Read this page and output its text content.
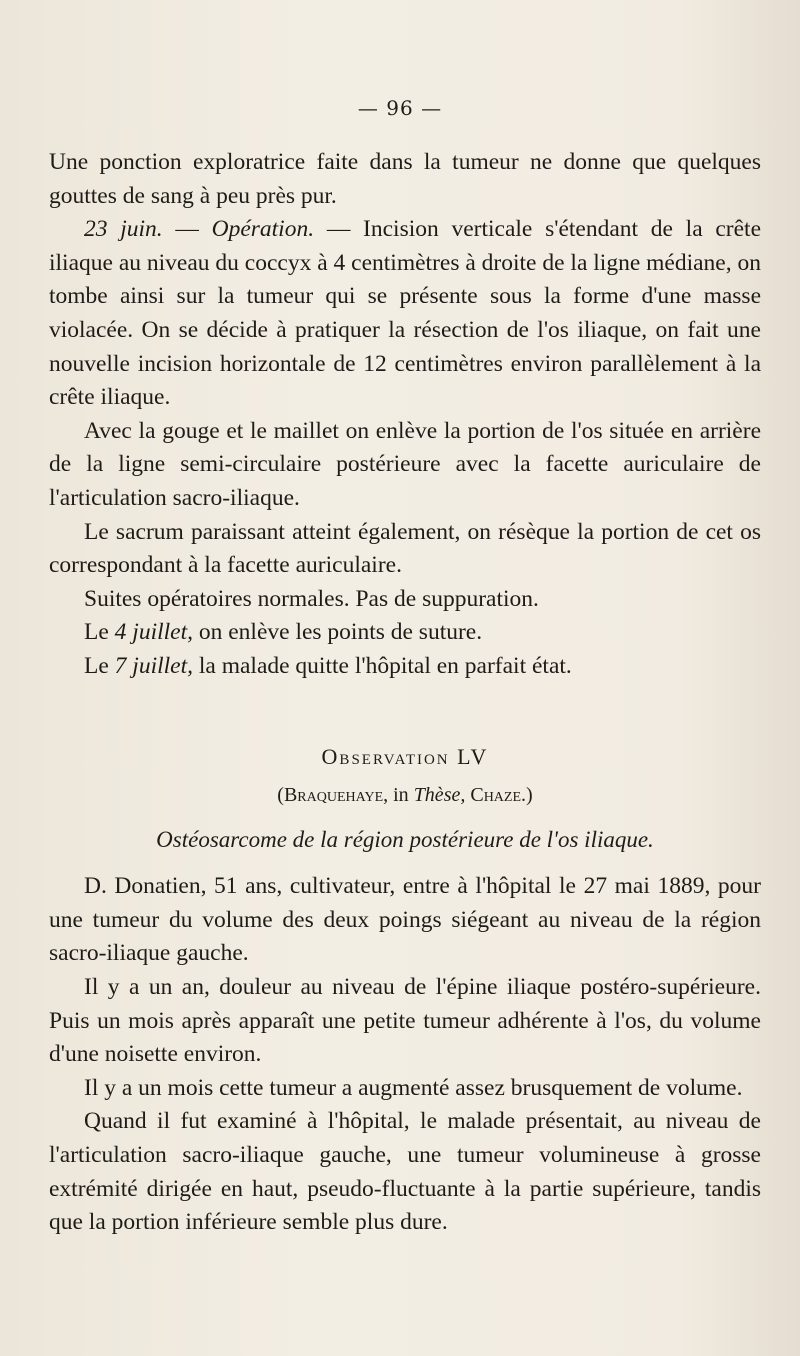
— 96 —

Une ponction exploratrice faite dans la tumeur ne donne que quelques gouttes de sang à peu près pur.

23 juin. — Opération. — Incision verticale s'étendant de la crête iliaque au niveau du coccyx à 4 centimètres à droite de la ligne médiane, on tombe ainsi sur la tumeur qui se présente sous la forme d'une masse violacée. On se décide à pratiquer la résection de l'os iliaque, on fait une nouvelle incision horizontale de 12 centimètres environ parallèlement à la crête iliaque.

Avec la gouge et le maillet on enlève la portion de l'os située en arrière de la ligne semi-circulaire postérieure avec la facette auriculaire de l'articulation sacro-iliaque.

Le sacrum paraissant atteint également, on résèque la portion de cet os correspondant à la facette auriculaire.

Suites opératoires normales. Pas de suppuration.

Le 4 juillet, on enlève les points de suture.

Le 7 juillet, la malade quitte l'hôpital en parfait état.

Observation LV
(Braquehaye, in Thèse, Chaze.)
Ostéosarcome de la région postérieure de l'os iliaque.

D. Donatien, 51 ans, cultivateur, entre à l'hôpital le 27 mai 1889, pour une tumeur du volume des deux poings siégeant au niveau de la région sacro-iliaque gauche.

Il y a un an, douleur au niveau de l'épine iliaque postéro-supérieure. Puis un mois après apparaît une petite tumeur adhérente à l'os, du volume d'une noisette environ.

Il y a un mois cette tumeur a augmenté assez brusquement de volume.

Quand il fut examiné à l'hôpital, le malade présentait, au niveau de l'articulation sacro-iliaque gauche, une tumeur volumineuse à grosse extrémité dirigée en haut, pseudo-fluctuante à la partie supérieure, tandis que la portion inférieure semble plus dure.
